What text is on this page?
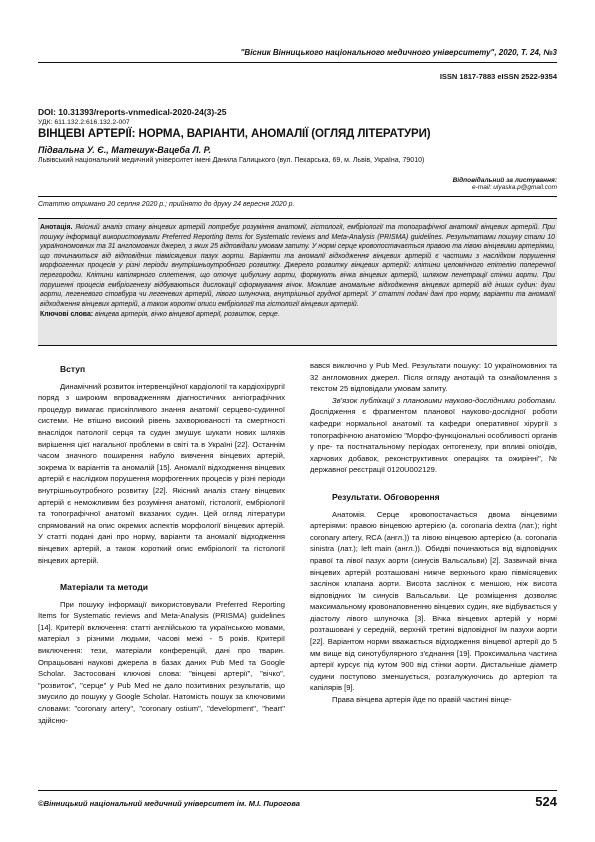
"Вісник Вінницького національного медичного університету", 2020, Т. 24, №3
ISSN 1817-7883 eISSN 2522-9354
DOI: 10.31393/reports-vnmedical-2020-24(3)-25
УДК: 611.132.2:616.132.2-007
ВІНЦЕВІ АРТЕРІЇ: НОРМА, ВАРІАНТИ, АНОМАЛІЇ (ОГЛЯД ЛІТЕРАТУРИ)
Підвальна У. Є., Матешук-Вацеба Л. Р.
Львівський національний медичний університет імені Данила Галицького (вул. Пекарська, 69, м. Львів, Україна, 79010)
Відповідальний за листування:
e-mail: ulyaska.p@gmail.com
Статтю отримано 20 серпня 2020 р.; прийнято до друку 24 вересня 2020 р.
Анотація. Якісний аналіз стану вінцевих артерій потребує розуміння анатомії, гістології, ембріології та топографічної анатомії вінцевих артерій. При пошуку інформації використовували Preferred Reporting Items for Systematic reviews and Meta-Analysis (PRISMA) guidelines. Результатами пошуку стали 10 українономовних та 31 англомовних джерел, з яких 25 відповідали умовам запиту. У нормі серце кровопостачається правою та лівою вінцевими артеріями, що починаються від відповідних півмісяцевих пазух аорти. Варіанти та аномалії відходження вінцевих артерій є частими з наслідком порушення морфогенних процесів у різні періоди внутрішньоутробного розвитку. Джерело розвитку вінцевих артерій: клітини целомічного епітелію поперечної перегородки. Клітини капілярного сплетення, що оточує цибулину аорти, формують вічка вінцевих артерій, шляхом пенетрації стінки аорти. При порушенні процесів ембріогенезу відбуваються дислокації сформування вічок. Можливе аномальне відходження вінцевих артерій від інших судин: дуги аорти, легеневого стовбура чи легеневих артерій, лівого шлуночка, внутрішньої грудної артерії. У статті подані дані про норму, варіанти та аномалії відходження вінцевих артерій, а також короткі описи ембріології та гістології вінцевих артерій.
Ключові слова: вінцева артерія, вічко вінцевої артерії, розвиток, серце.
Вступ

Динамічний розвиток інтервенційної кардіології та кардіохірургії поряд з широким впровадженням діагностичних ангіографічних процедур вимагає прискіпливого знання анатомії серцево-судинної системи. Не втішно високий рівень захворюваності та смертності внаслідок патології серця та судин змушує шукати нових шляхів вирішення цієї нагальної проблеми в світі та в Україні [22]. Останнім часом значного поширення набуло вивчення вінцевих артерій, зокрема їх варіантів та аномалій [15]. Аномалії відходження вінцевих артерій є наслідком порушення морфогенних процесів у різні періоди внутрішньоутробного розвитку [22]. Якісний аналіз стану вінцевих артерій є неможливим без розуміння анатомії, гістології, ембріології та топографічної анатомії вказаних судин. Цей огляд літератури спрямований на опис окремих аспектів морфології вінцевих артерій. У статті подані дані про норму, варіанти та аномалії відходження вінцевих артерій, а також короткий опис ембріології та гістології вінцевих артерій.

Матеріали та методи

При пошуку інформації використовували Preferred Reporting Items for Systematic reviews and Meta-Analysis (PRISMA) guidelines [14]. Критерії включення: статті англійською та українською мовами, матеріал з різними людьми, часові межі - 5 років. Критерії виключення: тези, матеріали конференцій, дані про тварин. Опрацьовані наукові джерела в базах даних Pub Med та Google Scholar. Застосовані ключові слова: "вінцеві артерії", "вічко", "розвиток", "серце" у Pub Med не дало позитивних результатів, що змусило до пошуку у Google Scholar. Натомість пошук за ключовими словами: "coronary artery", "coronary ostium", "development", "heart" здійсню-

вався виключно у Pub Med. Результати пошуку: 10 україномовних та 32 англомовних джерел. Після огляду анотацій та ознайомлення з текстом 25 відповідали умовам запиту.

Зв'язок публікації з плановими науково-дослідними роботами. Дослідження є фрагментом планової науково-дослідної роботи кафедри нормальної анатомії та кафедри оперативної хірургії з топографічною анатомією "Морфо-функціональні особливості органів у пре- та постнатальному періодах онтогенезу, при впливі опіоїдів, харчових добавок, реконструктивних операціях та ожирінні", № державної реєстрації 0120U002129.

Результати. Обговорення

Анатомія. Серце кровопостачається двома вінцевими артеріями: правою вінцевою артерією (a. coronaria dextra (лат.); right coronary artery, RCA (англ.)) та лівою вінцевою артерією (a. coronaria sinistra (лат.); left main (англ.)). Обидві починаються від відповідних правої та лівої пазух аорти (синусів Вальсальви) [2]. Зазвичай вічка вінцевих артерій розташовані нижче верхнього краю півмісяцевих заслінок клапана аорти. Висота заслінок є меншою, ніж висота відповідних їм синусів Вальсальви. Це розміщення дозволяє максимальному кровонаповненню вінцевих судин, яке відбувається у діастолу лівого шлуночка [3]. Вічка вінцевих артерій у нормі розташовані у середній, верхній третині відповідної їм пазухи аорти [22]. Варіантом норми вважається відходження вінцевої артерії до 5 мм вище від синотубулярного з'єднання [19]. Проксимальна частина артерії курсує під кутом 900 від стінки аорти. Дистальніше діаметр судини поступово зменшується, розгалужуючись до артеріол та капілярів [9].

Права вінцева артерія йде по правій частині вінце-

©Вінницький національний медичний університет ім. М.І. Пирогова	524
